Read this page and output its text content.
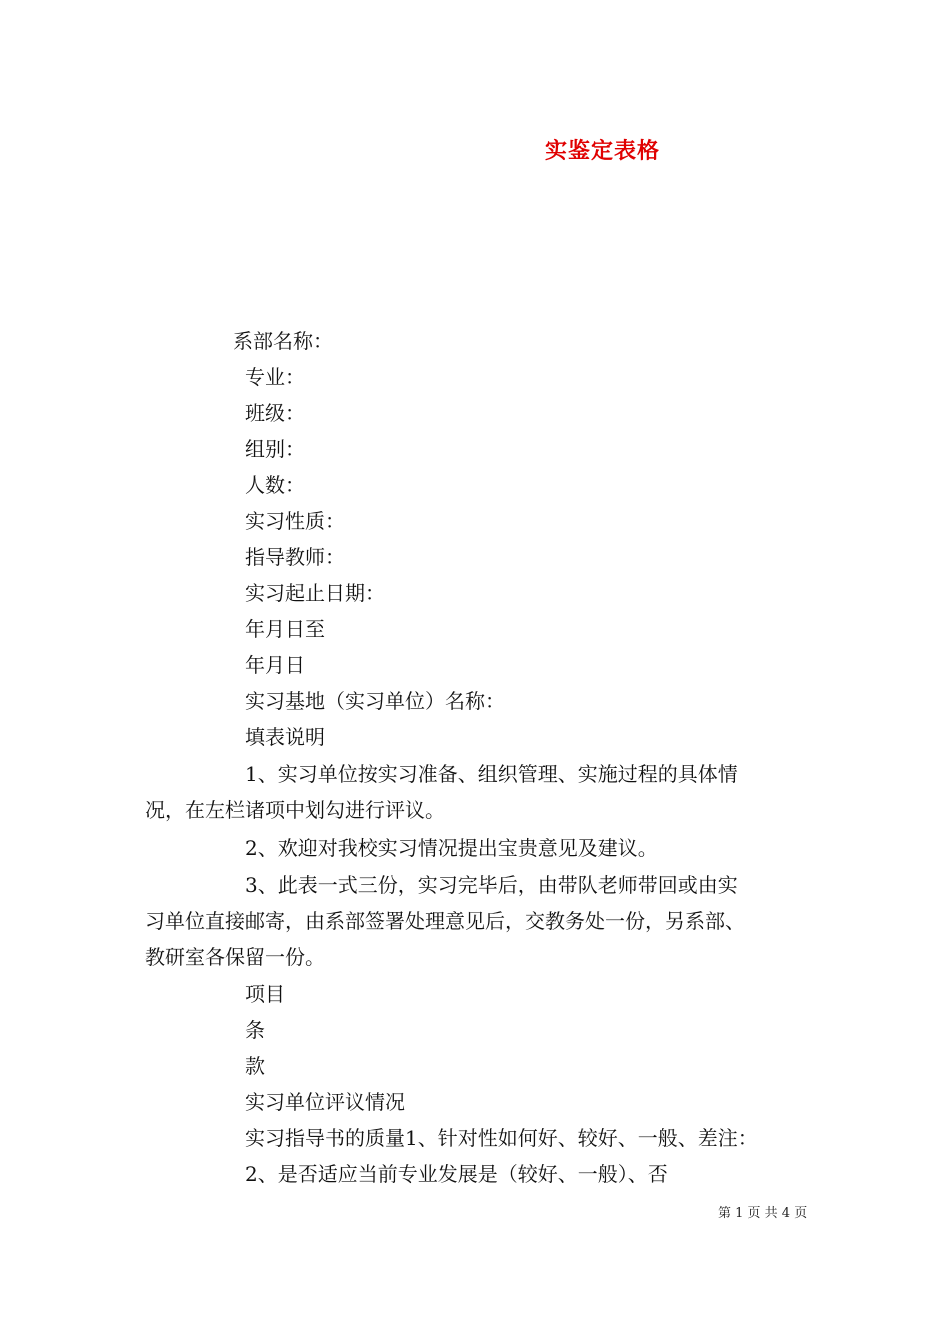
实鉴定表格
系部名称：
专业：
班级：
组别：
人数：
实习性质：
指导教师：
实习起止日期：
年月日至
年月日
实习基地（实习单位）名称：
填表说明
1、实习单位按实习准备、组织管理、实施过程的具体情
况，在左栏诸项中划勾进行评议。
2、欢迎对我校实习情况提出宝贵意见及建议。
3、此表一式三份，实习完毕后，由带队老师带回或由实
习单位直接邮寄，由系部签署处理意见后，交教务处一份，另系部、
教研室各保留一份。
项目
条
款
实习单位评议情况
实习指导书的质量1、针对性如何好、较好、一般、差注：
2、是否适应当前专业发展是（较好、一般）、否
第 1 页 共 4 页
